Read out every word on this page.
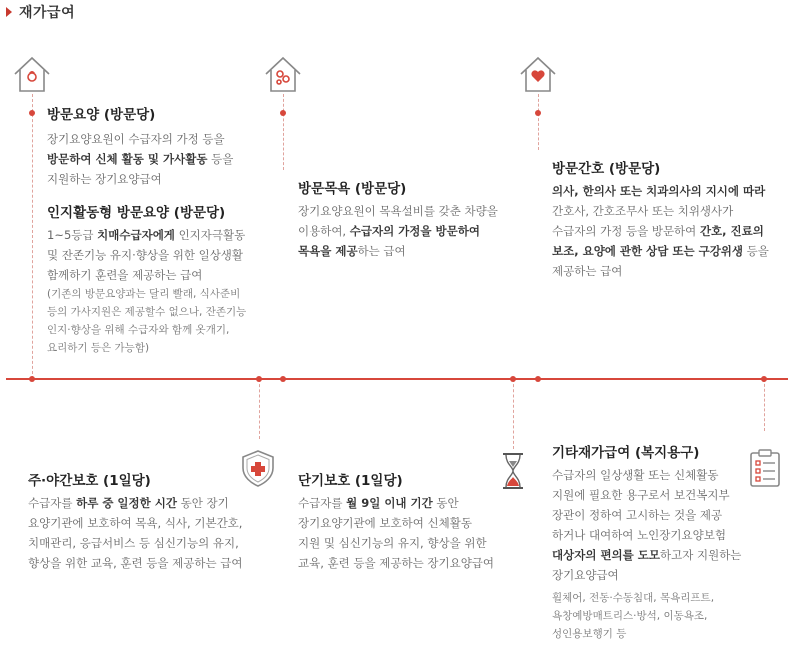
재가급여
방문요양 (방문당)
장기요양요원이 수급자의 가정 등을
방문하여 신체 활동 및 가사활동 등을
지원하는 장기요양급여
인지활동형 방문요양 (방문당)
1~5등급 치매수급자에게 인지자극활동
및 잔존기능 유지·향상을 위한 일상생활
함께하기 훈련을 제공하는 급여
(기존의 방문요양과는 달리 빨래, 식사준비
등의 가사지원은 제공할수 없으나, 잔존기능
인지·향상을 위해 수급자와 함께 옷개기,
요리하기 등은 가능함)
방문목욕 (방문당)
장기요양요원이 목욕설비를 갖춘 차량을
이용하여, 수급자의 가정을 방문하여
목욕을 제공하는 급여
방문간호 (방문당)
의사, 한의사 또는 치과의사의 지시에 따라
간호사, 간호조무사 또는 치위생사가
수급자의 가정 등을 방문하여 간호, 진료의
보조, 요양에 관한 상담 또는 구강위생 등을
제공하는 급여
주·야간보호 (1일당)
수급자를 하루 중 일정한 시간 동안 장기
요양기관에 보호하여 목욕, 식사, 기본간호,
치매관리, 응급서비스 등 심신기능의 유지,
향상을 위한 교육, 훈련 등을 제공하는 급여
단기보호 (1일당)
수급자를 월 9일 이내 기간 동안
장기요양기관에 보호하여 신체활동
지원 및 심신기능의 유지, 향상을 위한
교육, 훈련 등을 제공하는 장기요양급여
기타재가급여 (복지용구)
수급자의 일상생활 또는 신체활동
지원에 필요한 용구로서 보건복지부
장관이 정하여 고시하는 것을 제공
하거나 대여하여 노인장기요양보험
대상자의 편의를 도모하고자 지원하는
장기요양급여
휠체어, 전동·수동침대, 목욕리프트,
욕창예방매트리스·방석, 이동욕조,
성인용보행기 등
